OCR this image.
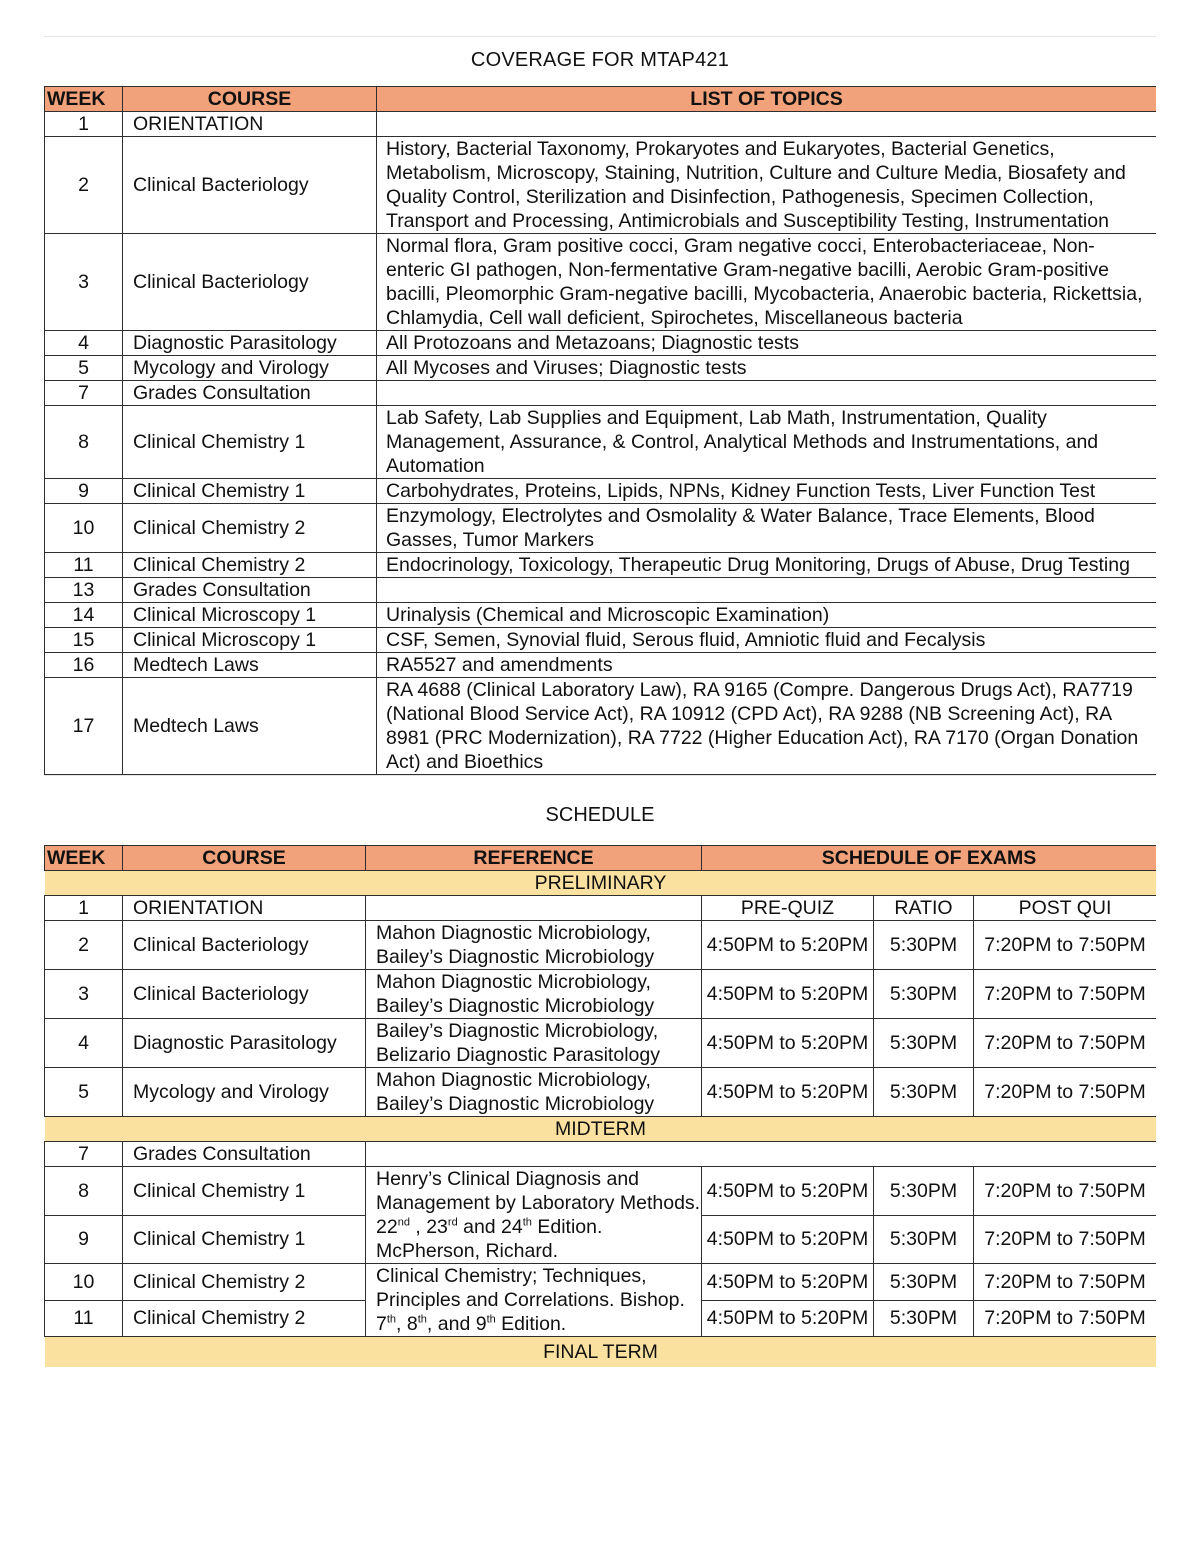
COVERAGE FOR MTAP421
WEEK	COURSE	LIST OF TOPICS
1	ORIENTATION	
2	Clinical Bacteriology	History, Bacterial Taxonomy, Prokaryotes and Eukaryotes, Bacterial Genetics, Metabolism, Microscopy, Staining, Nutrition, Culture and Culture Media, Biosafety and Quality Control, Sterilization and Disinfection, Pathogenesis, Specimen Collection, Transport and Processing, Antimicrobials and Susceptibility Testing, Instrumentation
3	Clinical Bacteriology	Normal flora, Gram positive cocci, Gram negative cocci, Enterobacteriaceae, Non-enteric GI pathogen, Non-fermentative Gram-negative bacilli, Aerobic Gram-positive bacilli, Pleomorphic Gram-negative bacilli, Mycobacteria, Anaerobic bacteria, Rickettsia, Chlamydia, Cell wall deficient, Spirochetes, Miscellaneous bacteria
4	Diagnostic Parasitology	All Protozoans and Metazoans; Diagnostic tests
5	Mycology and Virology	All Mycoses and Viruses; Diagnostic tests
7	Grades Consultation	
8	Clinical Chemistry 1	Lab Safety, Lab Supplies and Equipment, Lab Math, Instrumentation, Quality Management, Assurance, & Control, Analytical Methods and Instrumentations, and Automation
9	Clinical Chemistry 1	Carbohydrates, Proteins, Lipids, NPNs, Kidney Function Tests, Liver Function Test
10	Clinical Chemistry 2	Enzymology, Electrolytes and Osmolality & Water Balance, Trace Elements, Blood Gasses, Tumor Markers
11	Clinical Chemistry 2	Endocrinology, Toxicology, Therapeutic Drug Monitoring, Drugs of Abuse, Drug Testing
13	Grades Consultation	
14	Clinical Microscopy 1	Urinalysis (Chemical and Microscopic Examination)
15	Clinical Microscopy 1	CSF, Semen, Synovial fluid, Serous fluid, Amniotic fluid and Fecalysis
16	Medtech Laws	RA5527 and amendments
17	Medtech Laws	RA 4688 (Clinical Laboratory Law), RA 9165 (Compre. Dangerous Drugs Act), RA7719 (National Blood Service Act), RA 10912 (CPD Act), RA 9288 (NB Screening Act), RA 8981 (PRC Modernization), RA 7722 (Higher Education Act), RA 7170 (Organ Donation Act) and Bioethics
SCHEDULE
WEEK	COURSE	REFERENCE	SCHEDULE OF EXAMS		
PRELIMINARY					
1	ORIENTATION		PRE-QUIZ	RATIO	POST QUI
2	Clinical Bacteriology	Mahon Diagnostic Microbiology, Bailey’s Diagnostic Microbiology	4:50PM to 5:20PM	5:30PM	7:20PM to 7:50PM
3	Clinical Bacteriology	Mahon Diagnostic Microbiology, Bailey’s Diagnostic Microbiology	4:50PM to 5:20PM	5:30PM	7:20PM to 7:50PM
4	Diagnostic Parasitology	Bailey’s Diagnostic Microbiology, Belizario Diagnostic Parasitology	4:50PM to 5:20PM	5:30PM	7:20PM to 7:50PM
5	Mycology and Virology	Mahon Diagnostic Microbiology, Bailey’s Diagnostic Microbiology	4:50PM to 5:20PM	5:30PM	7:20PM to 7:50PM
MIDTERM					
7	Grades Consultation				
8	Clinical Chemistry 1	Henry’s Clinical Diagnosis and Management by Laboratory Methods. 22nd , 23rd and 24th Edition. McPherson, Richard.	4:50PM to 5:20PM	5:30PM	7:20PM to 7:50PM
9	Clinical Chemistry 1		4:50PM to 5:20PM	5:30PM	7:20PM to 7:50PM
10	Clinical Chemistry 2	Clinical Chemistry; Techniques, Principles and Correlations. Bishop. 7th, 8th, and 9th Edition.	4:50PM to 5:20PM	5:30PM	7:20PM to 7:50PM
11	Clinical Chemistry 2		4:50PM to 5:20PM	5:30PM	7:20PM to 7:50PM
FINAL TERM					
